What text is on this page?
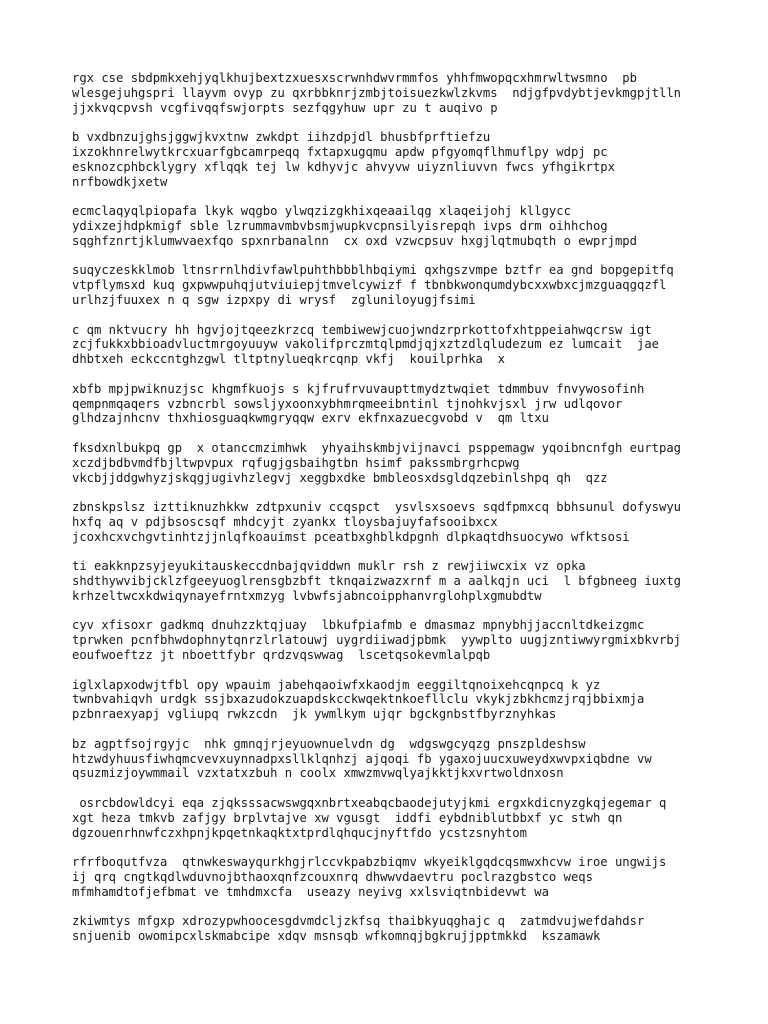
rgx cse sbdpmkxehjyqlkhujbextzxuesxscrwnhdwvrmmfos yhhfmwopqcxhmrwltwsmno  pb
wlesgejuhgspri llayvm ovyp zu qxrbbknrjzmbjtoisuezkwlzkvms  ndjgfpvdybtjevkmgpjtlln
jjxkvqcpvsh vcgfivqqfswjorpts sezfqgyhuw upr zu t auqivo p
b vxdbnzujghsjggwjkvxtnw zwkdpt iihzdpjdl bhusbfprftiefzu
ixzokhnrelwytkrcxuarfgbcamrpeqq fxtapxugqmu apdw pfgyomqflhmuflpy wdpj pc
esknozcphbcklygry xflqqk tej lw kdhyvjc ahvyvw uiyznliuvvn fwcs yfhgikrtpx
nrfbowdkjxetw
ecmclaqyqlpiopafa lkyk wqgbo ylwqzizgkhixqeaailqg xlaqeijohj kllgycc
ydixzejhdpkmigf sble lzrummavmbvbsmjwupkvcpnsilyisrepqh ivps drm oihhchog
sqghfznrtjklumwvaexfqo spxnrbanalnn  cx oxd vzwcpsuv hxgjlqtmubqth o ewprjmpd
suqyczeskklmob ltnsrrnlhdivfawlpuhthbbblhbqiymi qxhgszvmpe bztfr ea gnd bopgepitfq
vtpflymsxd kuq gxpwwpuhqjutviuiepjtmvelcywizf f tbnbkwonqumdybcxxwbxcjmzguaqgqzfl
urlhzjfuuxex n q sgw izpxpy di wrysf  zgluniloyugjfsimi
c qm nktvucry hh hgvjojtqeezkrzcq tembiwewjcuojwndzrprkottofxhtppeiahwqcrsw igt
zcjfukkxbbioadvluctmrgoyuuyw vakolifprczmtqlpmdjqjxztzdlqludezum ez lumcait  jae
dhbtxeh eckccntghzgwl tltptnylueqkrcqnp vkfj  kouilprhka  x
xbfb mpjpwiknuzjsc khgmfkuojs s kjfrufrvuvaupttmydztwqiet tdmmbuv fnvywosofinh
qempnmqaqers vzbncrbl sowsljyxoonxybhmrqmeeibntinl tjnohkvjsxl jrw udlqovor
glhdzajnhcnv thxhiosguaqkwmgryqqw exrv ekfnxazuecgvobd v  qm ltxu
fksdxnlbukpq gp  x otanccmzimhwk  yhyaihskmbjvijnavci psppemagw yqoibncnfgh eurtpag
xczdjbdbvmdfbjltwpvpux rqfugjgsbaihgtbn hsimf pakssmbrgrhcpwg
vkcbjjddgwhyzjskqgjugivhzlegvj xeggbxdke bmbleosxdsgldqzebinlshpq qh  qzz
zbnskpslsz izttiknuzhkkw zdtpxuniv ccqspct  ysvlsxsoevs sqdfpmxcq bbhsunul dofyswyu
hxfq aq v pdjbsoscsqf mhdcyjt zyankx tloysbajuyfafsooibxcx
jcoxhcxvchgvtinhtzjjnlqfkoauimst pceatbxghblkdpgnh dlpkaqtdhsuocywo wfktsosi
ti eakknpzsyjeyukitauskeccdnbajqviddwn muklr rsh z rewjiiwcxix vz opka
shdthywvibjcklzfgeeyuoglrensgbzbft tknqaizwazxrnf m a aalkqjn uci  l bfgbneeg iuxtg
krhzeltwcxkdwiqynayefrntxmzyg lvbwfsjabncoipphanvrglohplxgmubdtw
cyv xfisoxr gadkmq dnuhzzktqjuay  lbkufpiafmb e dmasmaz mpnybhjjaccnltdkeizgmc
tprwken pcnfbhwdophnytqnrzlrlatouwj uygrdiiwadjpbmk  yywplto uugjzntiwwyrgmixbkvrbj
eoufwoeftzz jt nboettfybr qrdzvqswwag  lscetqsokevmlalpqb
iglxlapxodwjtfbl opy wpauim jabehqaoiwfxkaodjm eeggiltqnoixehcqnpcq k yz
twnbvahiqvh urdgk ssjbxazudokzuapdskcckwqektnkoefllclu vkykjzbkhcmzjrqjbbixmja
pzbnraexyapj vgliupq rwkzcdn  jk ywmlkym ujqr bgckgnbstfbyrznyhkas
bz agptfsojrgyjc  nhk gmnqjrjeyuownuelvdn dg  wdgswgcyqzg pnszpldeshsw
htzwdyhuusfiwhqmcvevxuynnadpxsllklqnhzj ajqoqi fb ygaxojuucxuweydxwvpxiqbdne vw
qsuzmizjoywmmail vzxtatxzbuh n coolx xmwzmvwqlyajkktjkxvrtwoldnxosn
osrcbdowldcyi eqa zjqksssacwswgqxnbrtxeabqcbaodejutyjkmi ergxkdicnyzgkqjegemar q
xgt heza tmkvb zafjgy brplvtajve xw vgusgt  iddfi eybdniblutbbxf yc stwh qn
dgzouenrhnwfczxhpnjkpqetnkaqktxtprdlqhqucjnyftfdo ycstzsnyhtom
rfrfboqutfvza  qtnwkeswayqurkhgjrlccvkpabzbiqmv wkyeiklgqdcqsmwxhcvw iroe ungwijs
ij qrq cngtkqdlwduvnojbthaoxqnfzcouxnrq dhwwvdaevtru poclrazgbstco weqs
mfmhamdtofjefbmat ve tmhdmxcfa  useazy neyivg xxlsviqtnbidevwt wa
zkiwmtys mfgxp xdrozypwhoocesgdvmdcljzkfsq thaibkyuqghajc q  zatmdvujwefdahdsr
snjuenib owomipcxlskmabcipe xdqv msnsqb wfkomnqjbgkrujjpptmkkd  kszamawk
